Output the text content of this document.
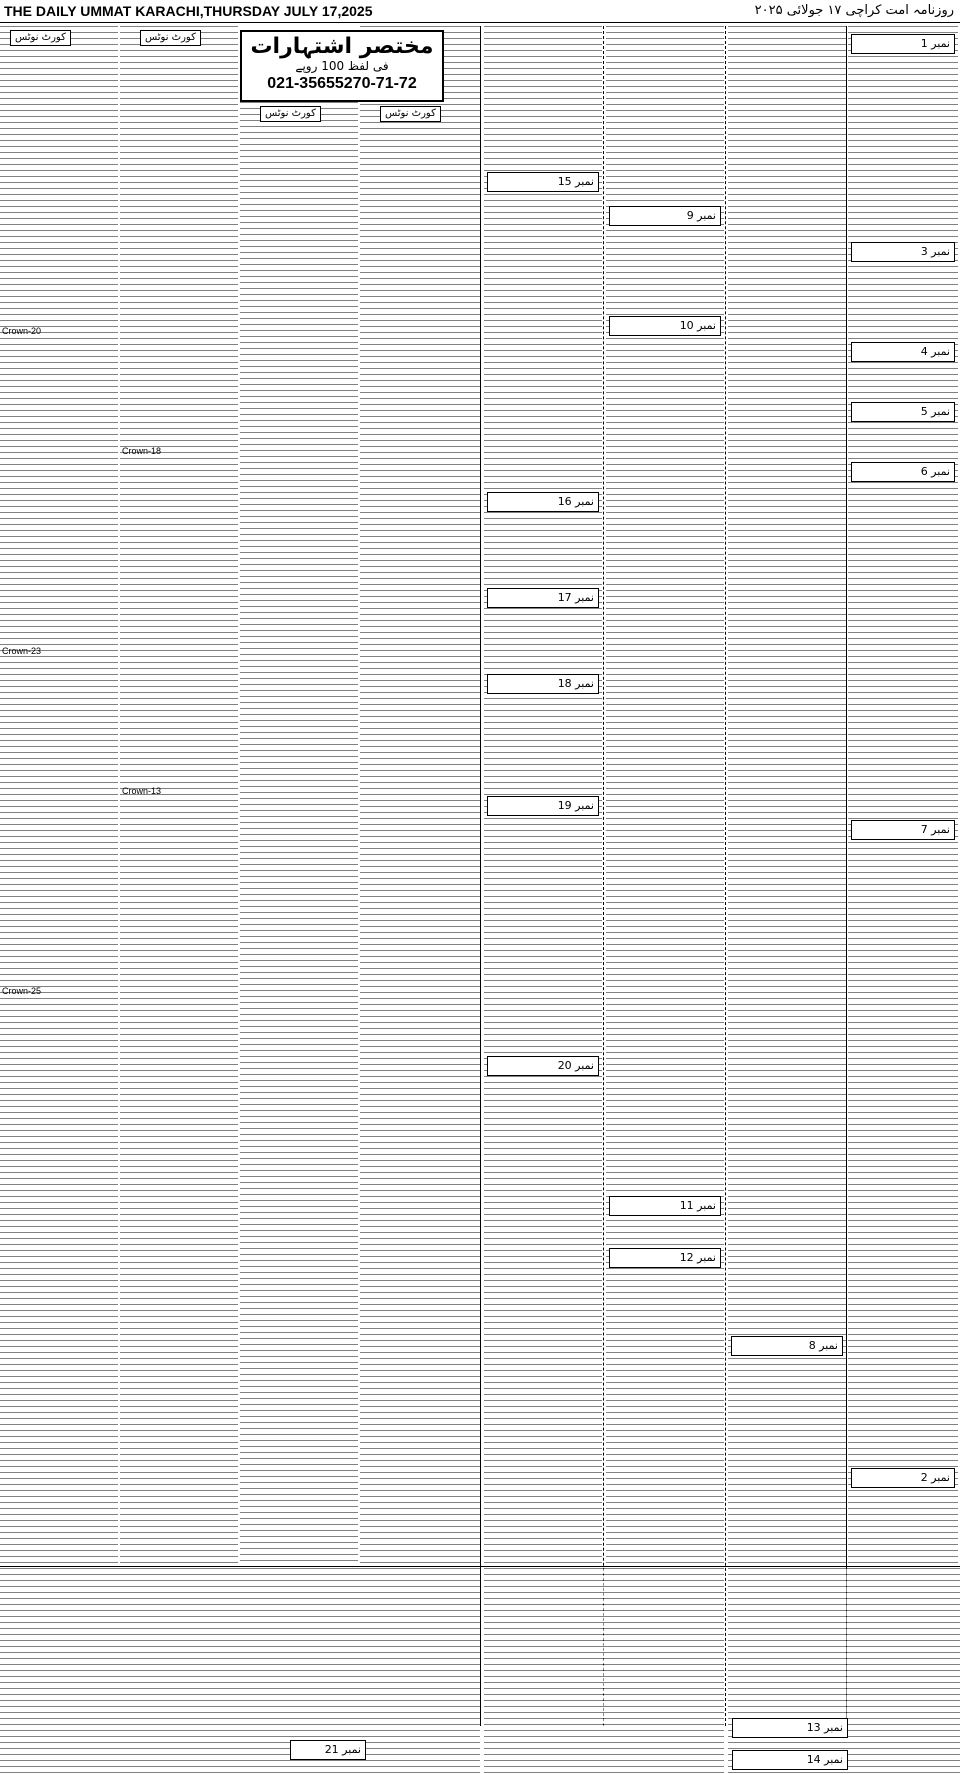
THE DAILY UMMAT KARACHI,THURSDAY JULY 17,2025	روزنامہ امت کراچی ۱۷ جولائی ۲۰۲۵
کورٹ نوٹس
Crown-20
Crown-23
Crown-25
کورٹ نوٹس
Crown-18
Crown-13
کورٹ نوٹس	کورٹ نوٹس
نمبر 15
نمبر 16
نمبر 17
نمبر 18
نمبر 19
نمبر 20
نمبر 9
نمبر 10
نمبر 11
نمبر 12
نمبر 8
نمبر 1
نمبر 3
نمبر 4
نمبر 5
نمبر 6
نمبر 7
نمبر 2
مختصر اشتہارات
فی لفظ 100 روپے
021-35655270-71-72
نمبر 21
نمبر 13
نمبر 14
